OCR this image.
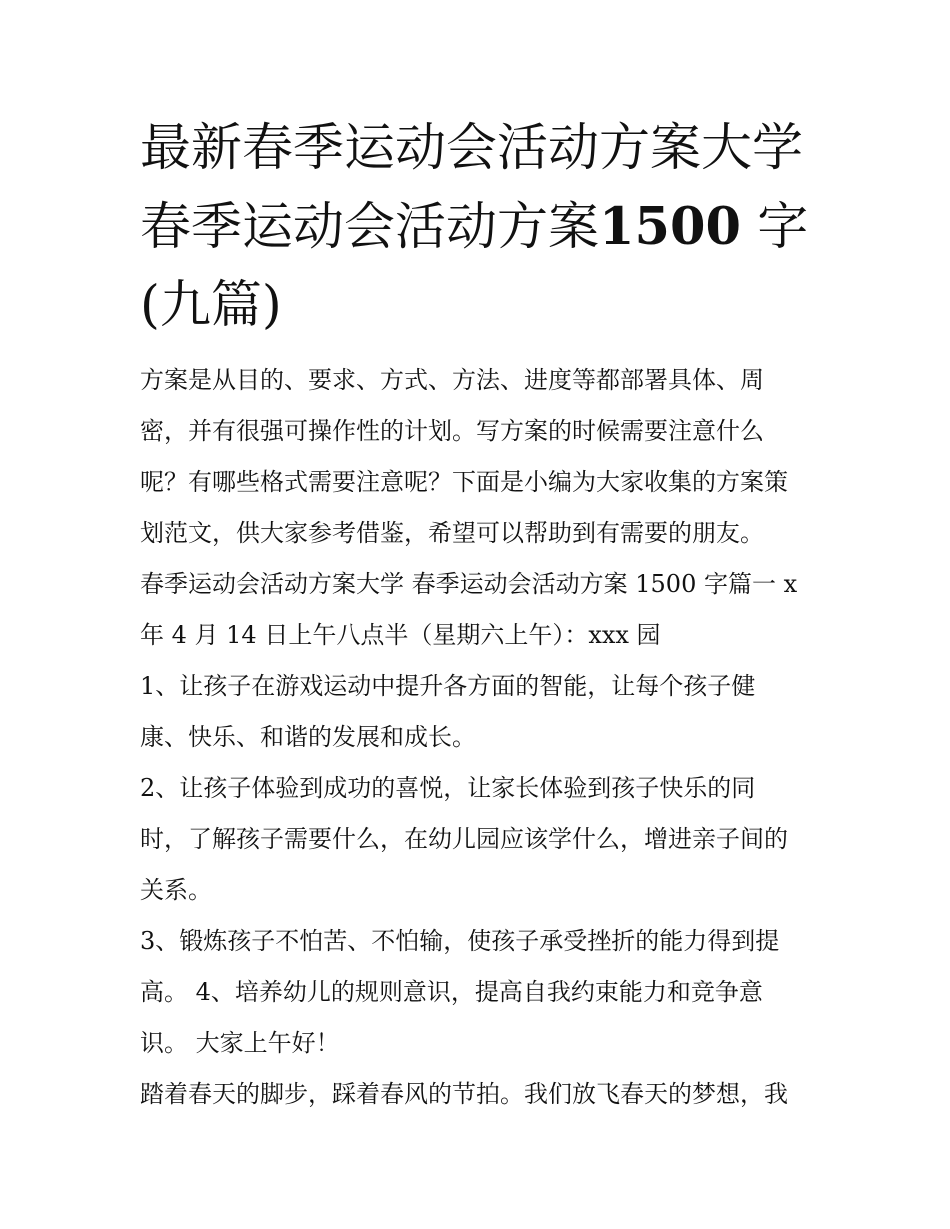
最新春季运动会活动方案大学
春季运动会活动方案1500 字
(九篇)

方案是从目的、要求、方式、方法、进度等都部署具体、周
密，并有很强可操作性的计划。写方案的时候需要注意什么
呢？有哪些格式需要注意呢？下面是小编为大家收集的方案策
划范文，供大家参考借鉴，希望可以帮助到有需要的朋友。

春季运动会活动方案大学 春季运动会活动方案 1500 字篇一 x
年 4 月 14 日上午八点半（星期六上午）：xxx 园

1、让孩子在游戏运动中提升各方面的智能，让每个孩子健
康、快乐、和谐的发展和成长。

2、让孩子体验到成功的喜悦，让家长体验到孩子快乐的同
时，了解孩子需要什么，在幼儿园应该学什么，增进亲子间的
关系。

3、锻炼孩子不怕苦、不怕输，使孩子承受挫折的能力得到提
高。 4、培养幼儿的规则意识，提高自我约束能力和竞争意
识。 大家上午好！

踏着春天的脚步，踩着春风的节拍。我们放飞春天的梦想，我
